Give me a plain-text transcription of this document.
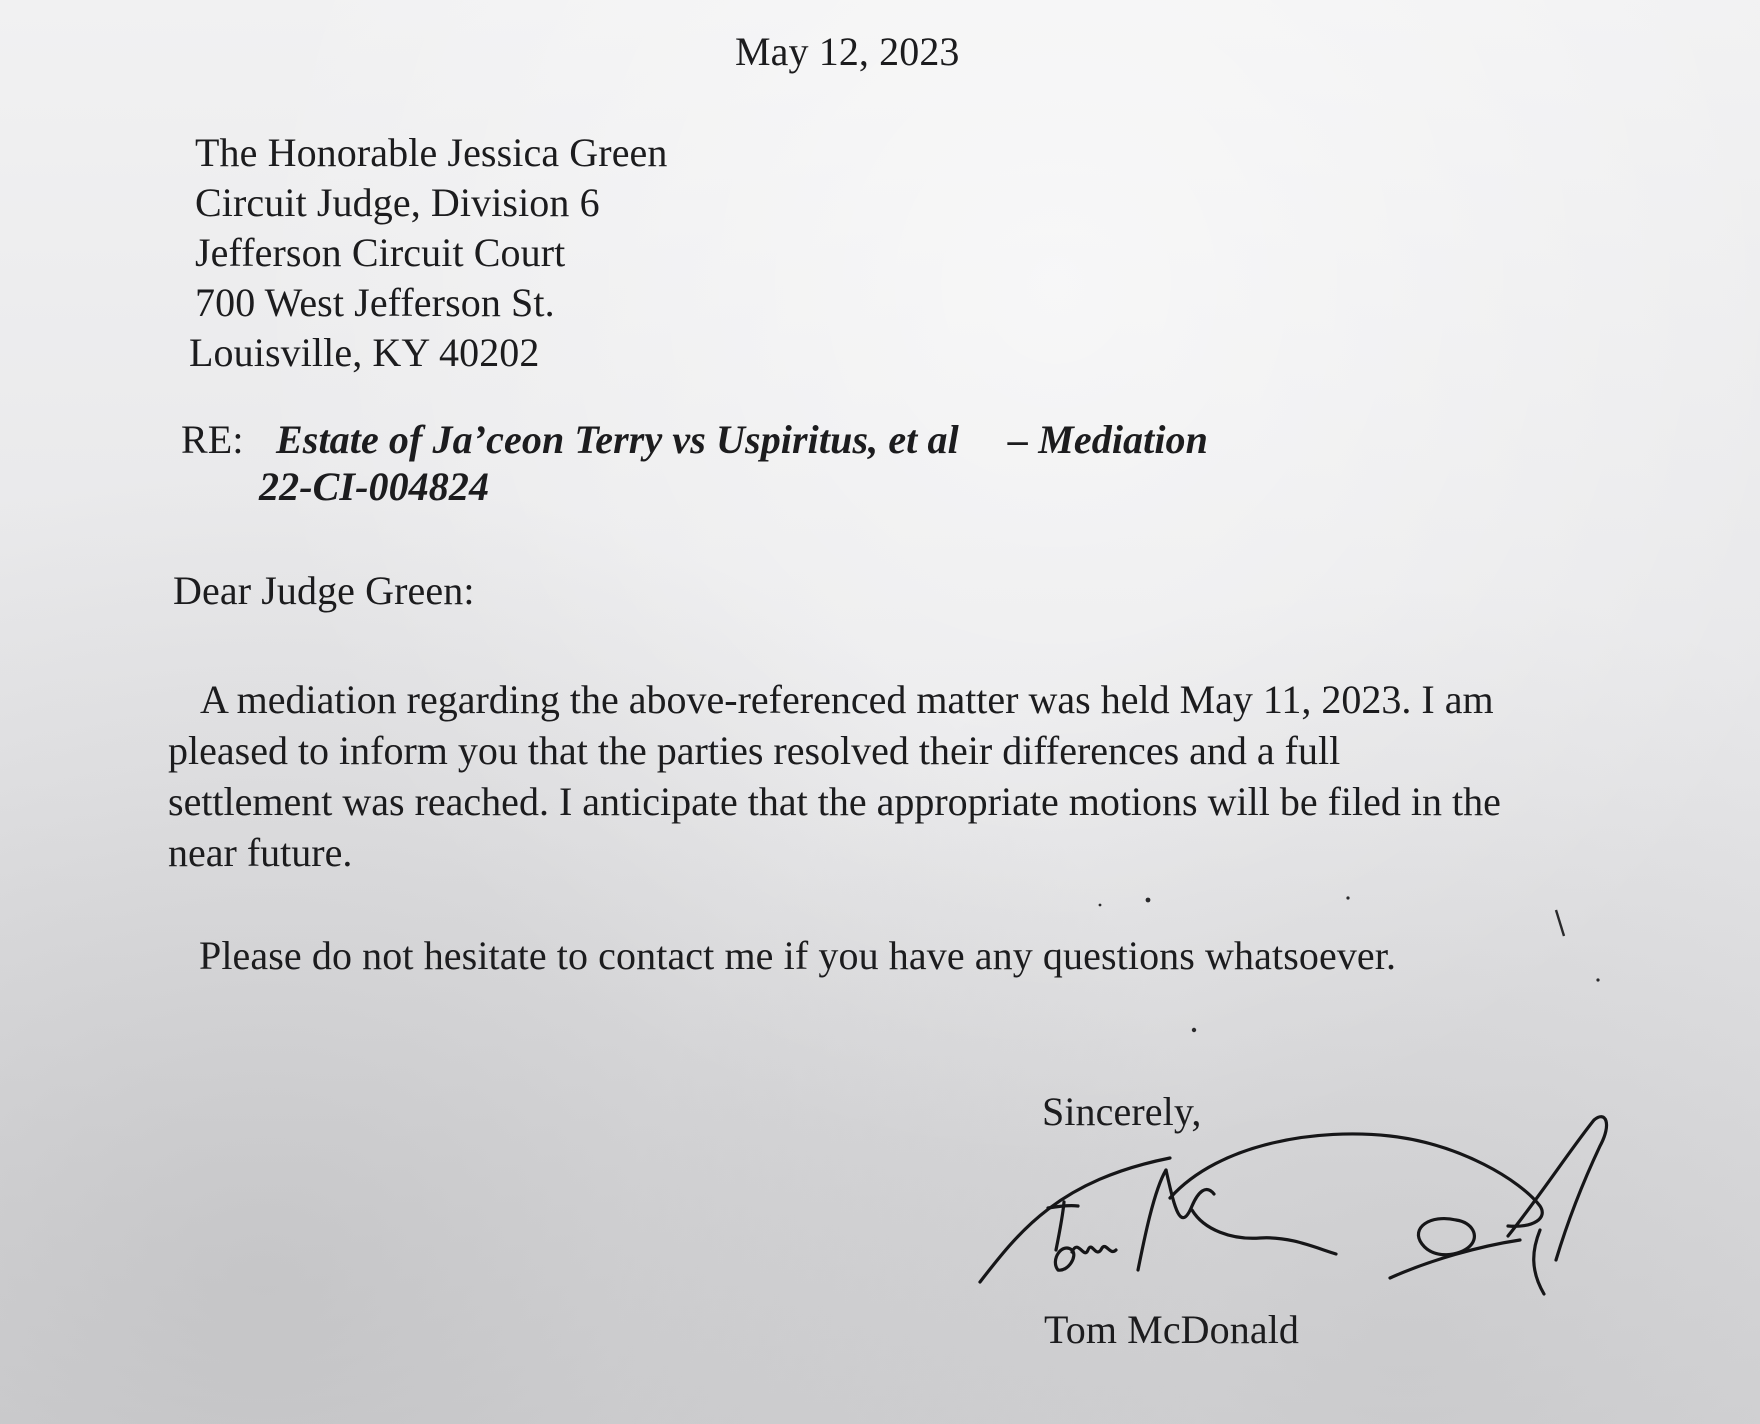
May 12, 2023

The Honorable Jessica Green
Circuit Judge, Division 6
Jefferson Circuit Court
700 West Jefferson St.
Louisville, KY 40202

RE: Estate of Ja’ceon Terry vs Uspiritus, et al – Mediation

22-CI-004824

Dear Judge Green:

A mediation regarding the above-referenced matter was held May 11, 2023. I am
pleased to inform you that the parties resolved their differences and a full
settlement was reached. I anticipate that the appropriate motions will be filed in the
near future.

Please do not hesitate to contact me if you have any questions whatsoever.

Sincerely,

Tom McDonald
